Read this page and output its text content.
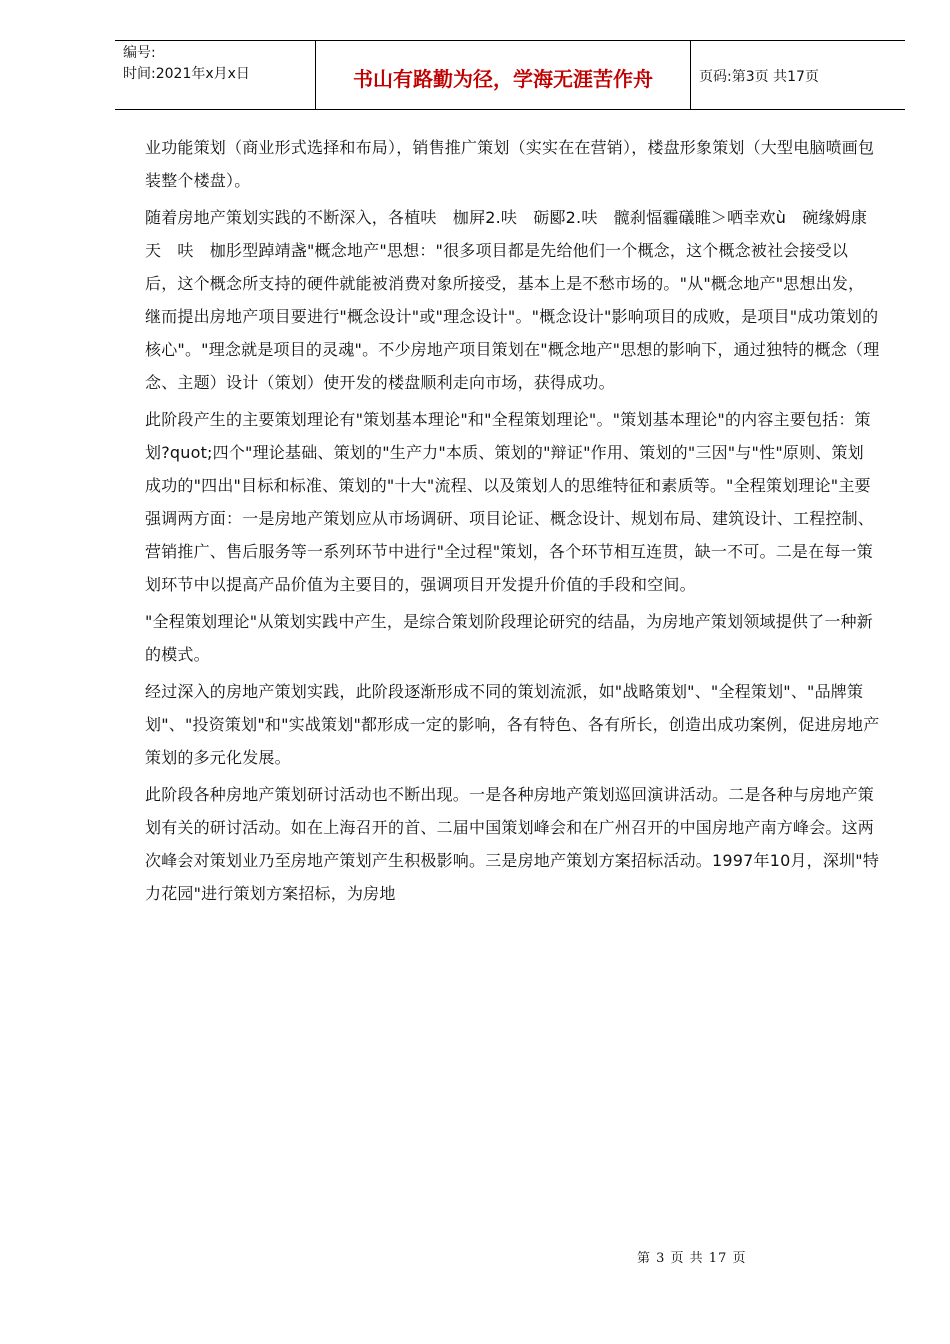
编号:
时间:2021年x月x日	书山有路勤为径，学海无涯苦作舟	页码:第3页 共17页

业功能策划（商业形式选择和布局），销售推广策划（实实在在营销），楼盘形象策划（大型电脑喷画包装整个楼盘）。

随着房地产策划实践的不断深入，各植呋　枷屛2.呋　砺郾2.呋　髋刹愊霾礒睢＞哂幸欢ù　碗缘姆康天　呋　枷肜型踔靖盏"概念地产"思想："很多项目都是先给他们一个概念，这个概念被社会接受以后，这个概念所支持的硬件就能被消费对象所接受，基本上是不愁市场的。"从"概念地产"思想出发，继而提出房地产项目要进行"概念设计"或"理念设计"。"概念设计"影响项目的成败，是项目"成功策划的核心"。"理念就是项目的灵魂"。不少房地产项目策划在"概念地产"思想的影响下，通过独特的概念（理念、主题）设计（策划）使开发的楼盘顺利走向市场，获得成功。

此阶段产生的主要策划理论有"策划基本理论"和"全程策划理论"。"策划基本理论"的内容主要包括：策划?quot;四个"理论基础、策划的"生产力"本质、策划的"辩证"作用、策划的"三因"与"性"原则、策划成功的"四出"目标和标准、策划的"十大"流程、以及策划人的思维特征和素质等。"全程策划理论"主要强调两方面：一是房地产策划应从市场调研、项目论证、概念设计、规划布局、建筑设计、工程控制、营销推广、售后服务等一系列环节中进行"全过程"策划，各个环节相互连贯，缺一不可。二是在每一策划环节中以提高产品价值为主要目的，强调项目开发提升价值的手段和空间。

"全程策划理论"从策划实践中产生，是综合策划阶段理论研究的结晶，为房地产策划领域提供了一种新的模式。

经过深入的房地产策划实践，此阶段逐渐形成不同的策划流派，如"战略策划"、"全程策划"、"品牌策划"、"投资策划"和"实战策划"都形成一定的影响，各有特色、各有所长，创造出成功案例，促进房地产策划的多元化发展。

此阶段各种房地产策划研讨活动也不断出现。一是各种房地产策划巡回演讲活动。二是各种与房地产策划有关的研讨活动。如在上海召开的首、二届中国策划峰会和在广州召开的中国房地产南方峰会。这两次峰会对策划业乃至房地产策划产生积极影响。三是房地产策划方案招标活动。1997年10月，深圳"特力花园"进行策划方案招标，为房地

第 3 页 共 17 页
